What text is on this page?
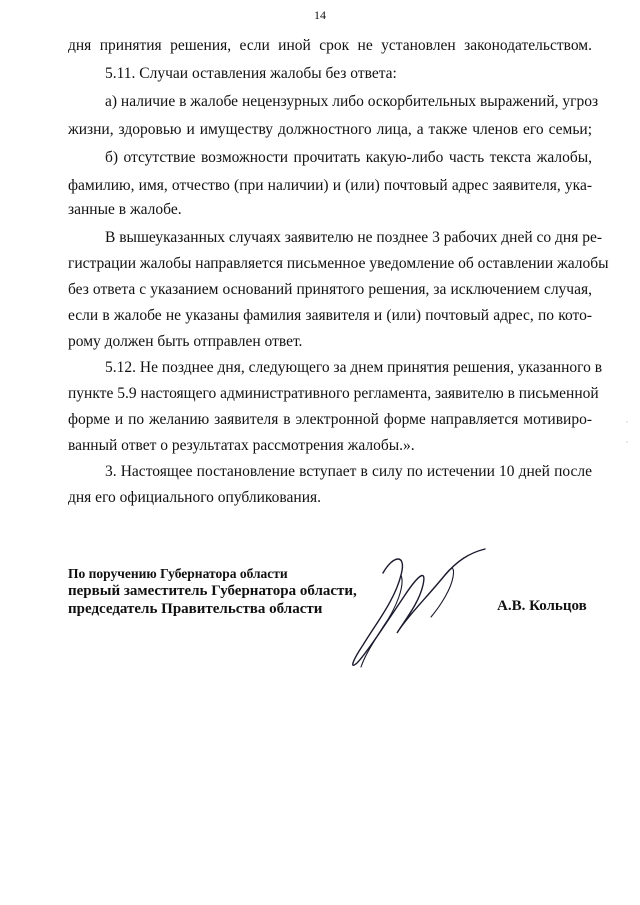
14
дня принятия решения, если иной срок не установлен законодательством.
5.11. Случаи оставления жалобы без ответа:
а) наличие в жалобе нецензурных либо оскорбительных выражений, угроз
жизни, здоровью и имуществу должностного лица, а также членов его семьи;
б) отсутствие возможности прочитать какую-либо часть текста жалобы,
фамилию, имя, отчество (при наличии) и (или) почтовый адрес заявителя, ука-
занные в жалобе.
В вышеуказанных случаях заявителю не позднее 3 рабочих дней со дня ре-
гистрации жалобы направляется письменное уведомление об оставлении жалобы
без ответа с указанием оснований принятого решения, за исключением случая,
если в жалобе не указаны фамилия заявителя и (или) почтовый адрес, по кото-
рому должен быть отправлен ответ.
5.12. Не позднее дня, следующего за днем принятия решения, указанного в
пункте 5.9 настоящего административного регламента, заявителю в письменной
форме и по желанию заявителя в электронной форме направляется мотивиро-
ванный ответ о результатах рассмотрения жалобы.».
3. Настоящее постановление вступает в силу по истечении 10 дней после
дня его официального опубликования.
По поручению Губернатора области
первый заместитель Губернатора области,
председатель Правительства области	А.В. Кольцов
˙
˙
